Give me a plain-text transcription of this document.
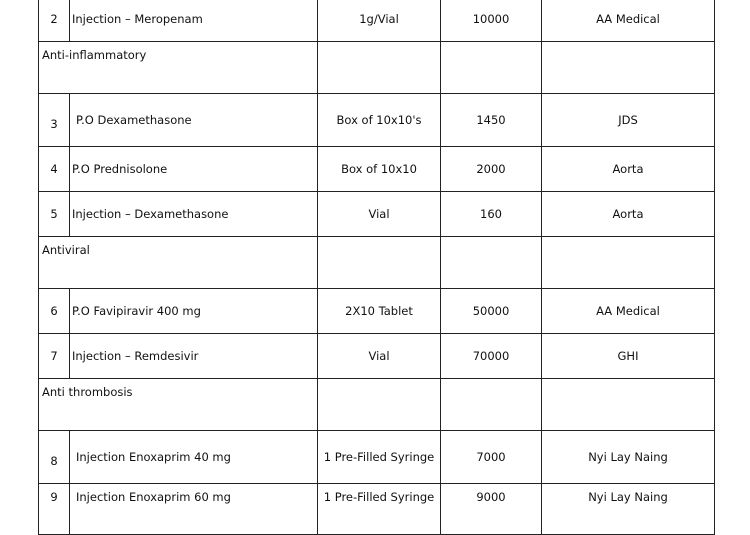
2	Injection – Meropenam	1g/Vial	10000	AA Medical
Anti-inflammatory				
3	P.O Dexamethasone	Box of 10x10's	1450	JDS
4	P.O Prednisolone	Box of 10x10	2000	Aorta
5	Injection – Dexamethasone	Vial	160	Aorta
Antiviral				
6	P.O Favipiravir 400 mg	2X10 Tablet	50000	AA Medical
7	Injection – Remdesivir	Vial	70000	GHI
Anti thrombosis				
8	Injection Enoxaprim 40 mg	1 Pre-Filled Syringe	7000	Nyi Lay Naing
9	Injection Enoxaprim 60 mg	1 Pre-Filled Syringe	9000	Nyi Lay Naing
